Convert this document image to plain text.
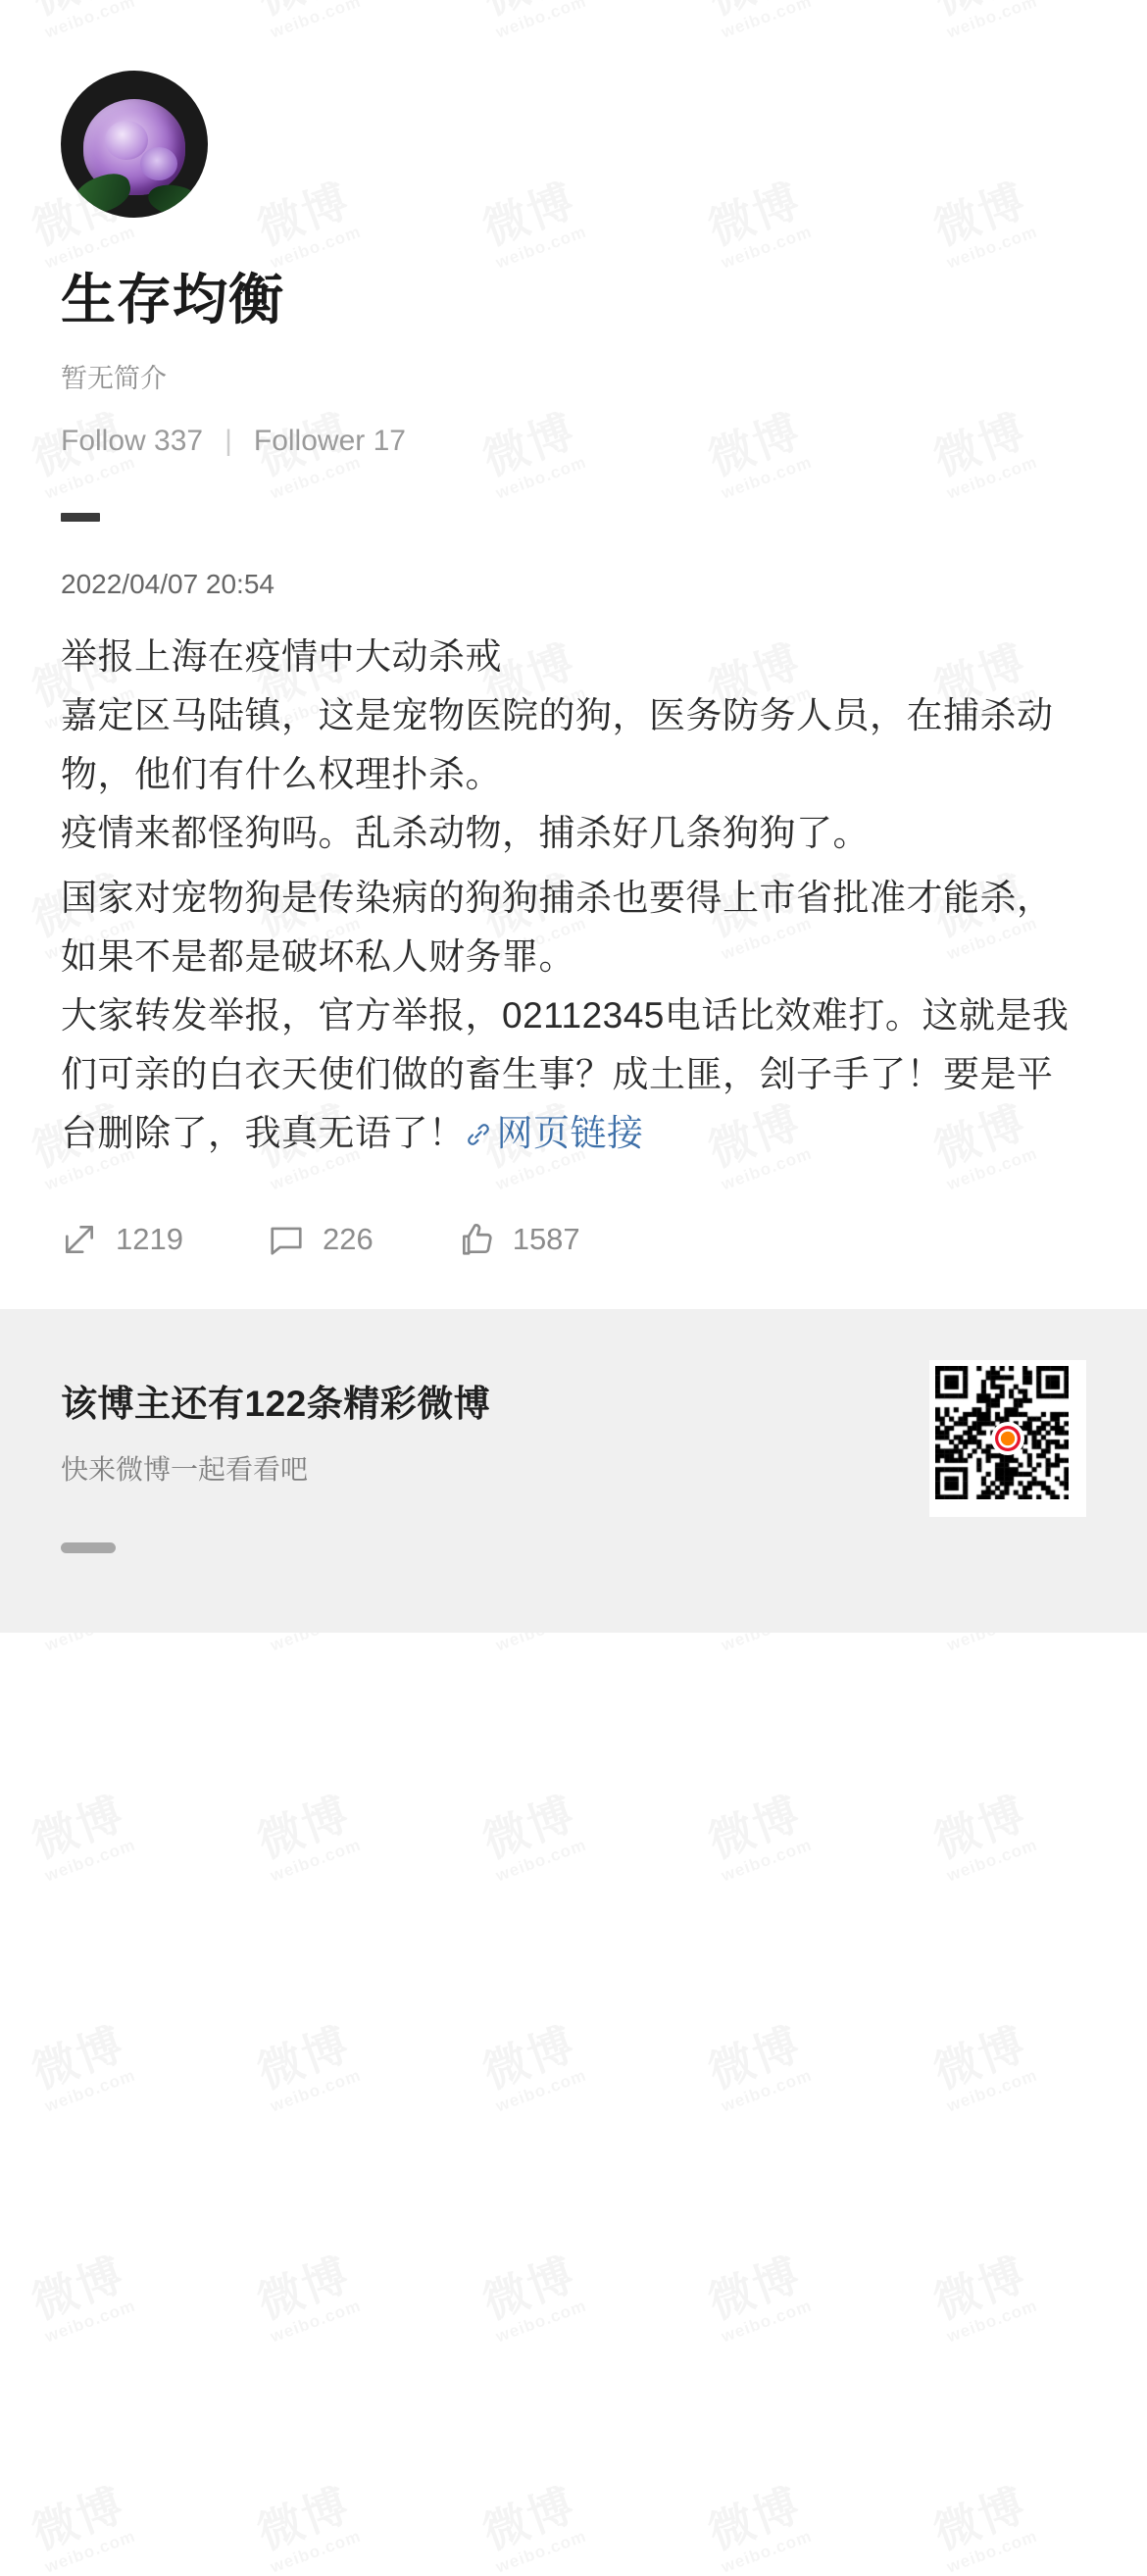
生存均衡
暂无简介
Follow 337 | Follower 17
2022/04/07 20:54

举报上海在疫情中大动杀戒

嘉定区马陆镇，这是宠物医院的狗，医务防务人员，在捕杀动物，他们有什么权理扑杀。

疫情来都怪狗吗。乱杀动物，捕杀好几条狗狗了。

国家对宠物狗是传染病的狗狗捕杀也要得上市省批准才能杀，如果不是都是破坏私人财务罪。

大家转发举报，官方举报，02112345电话比效难打。这就是我们可亲的白衣天使们做的畜生事？成土匪，刽子手了！要是平台删除了，我真无语了！ 网页链接

1219	226	1587
该博主还有122条精彩微博
快来微博一起看看吧
